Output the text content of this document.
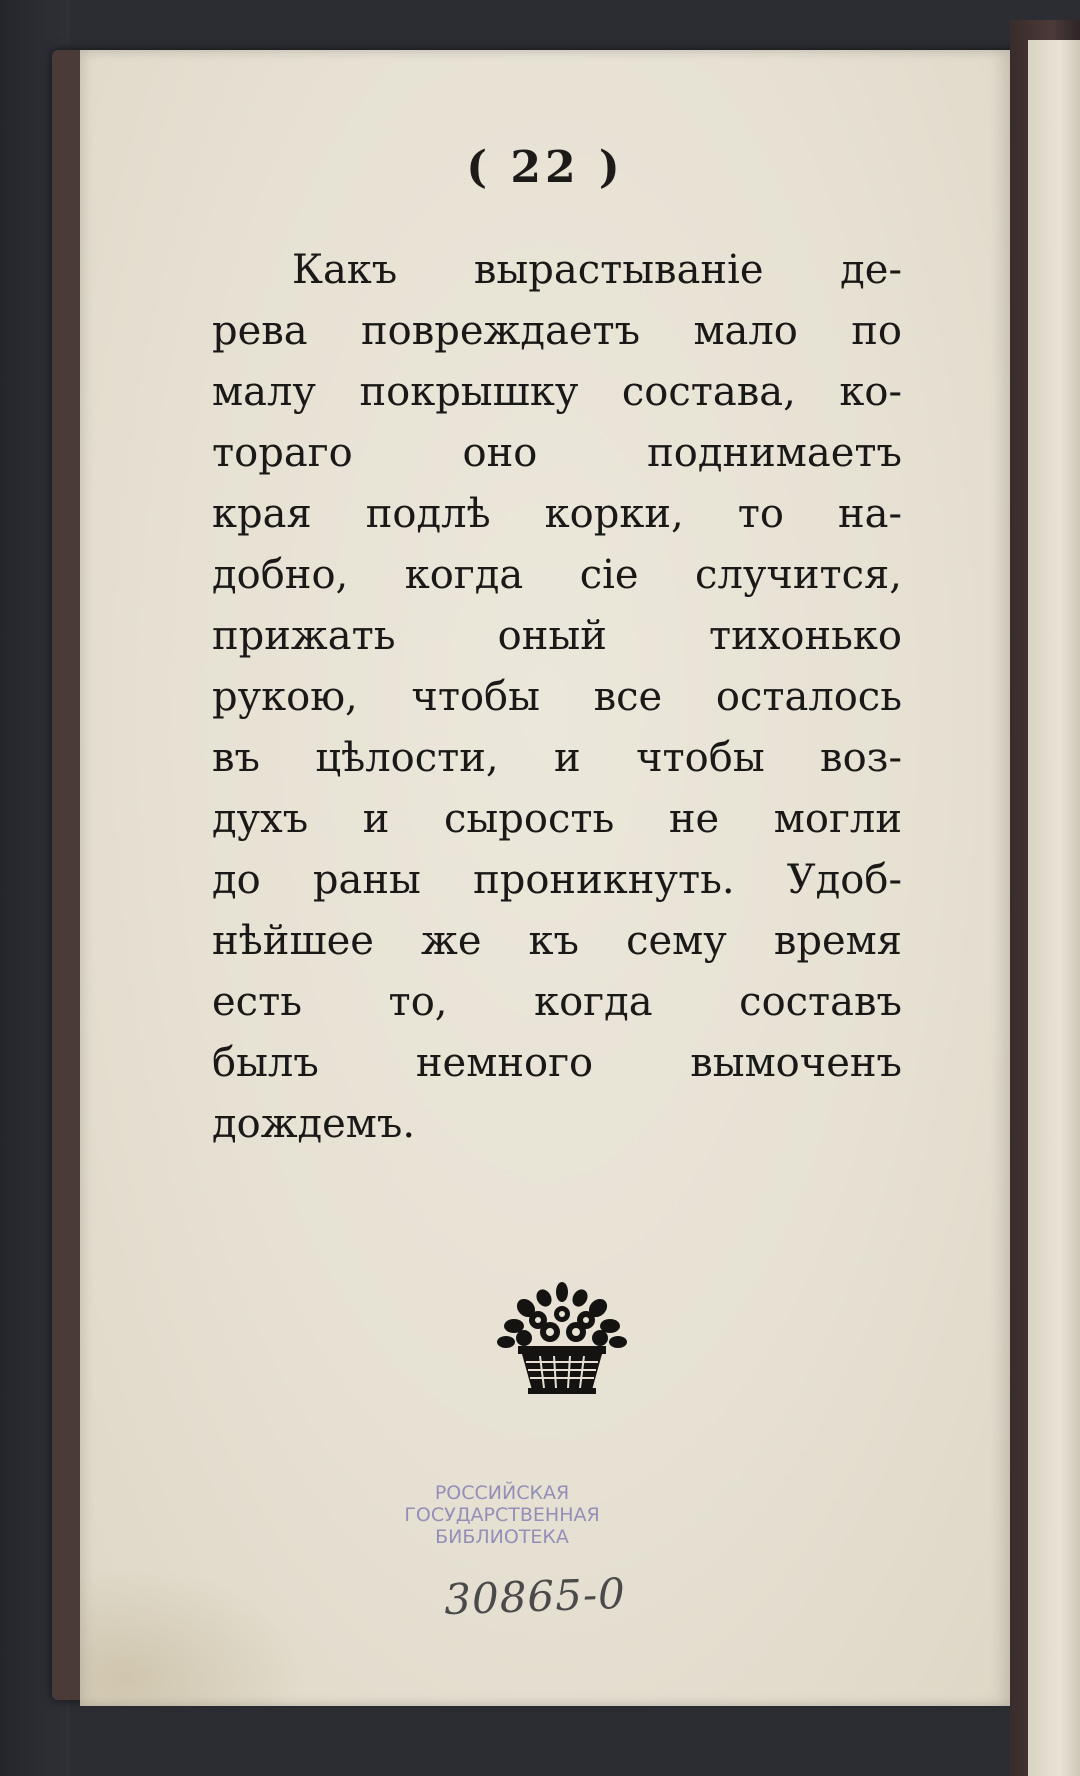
( 22 )
Какъ вырастываніе де-
рева повреждаетъ мало по
малу покрышку состава, ко-
тораго оно поднимаетъ
края подлѣ корки, то на-
добно, когда сіе случится,
прижать оный тихонько
рукою, чтобы все осталось
въ цѣлости, и чтобы воз-
духъ и сырость не могли
до раны проникнуть. Удоб-
нѣйшее же къ сему время
есть то, когда составъ
былъ немного вымоченъ
дождемъ.
РОССИЙСКАЯ
ГОСУДАРСТВЕННАЯ
БИБЛИОТЕКА
30865-0
